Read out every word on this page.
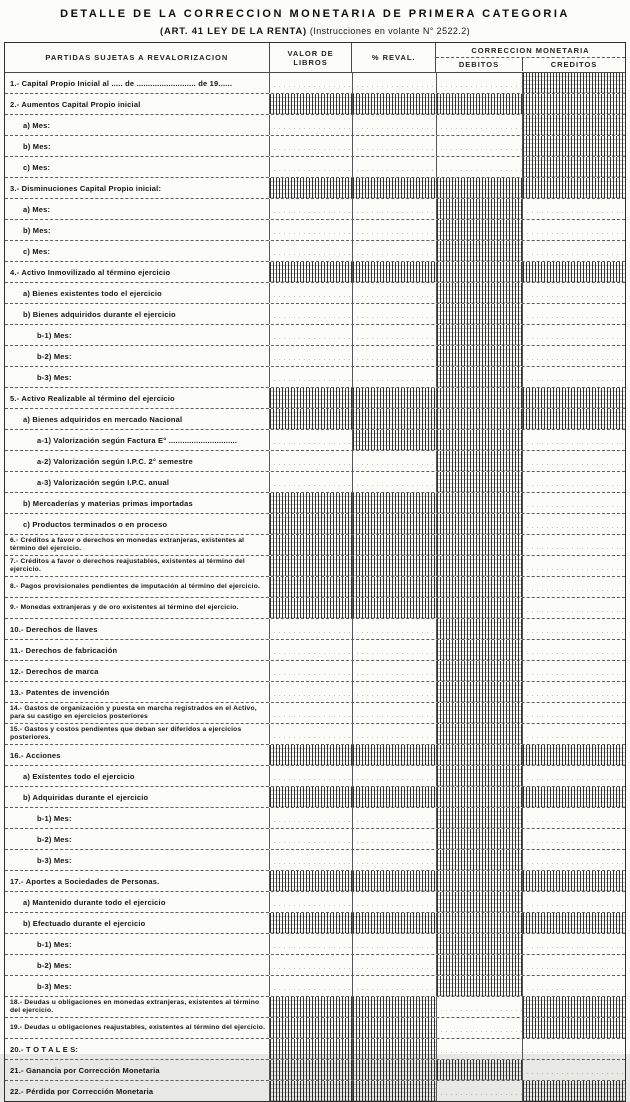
DETALLE DE LA CORRECCION MONETARIA DE PRIMERA CATEGORIA
(ART. 41 LEY DE LA RENTA) (Instrucciones en volante N° 2522.2)
PARTIDAS SUJETAS A REVALORIZACION	VALOR DE LIBROS	% REVAL.
CORRECCION MONETARIA
DEBITOS	CREDITOS
1.- Capital Propio Inicial al ..... de .......................... de 19......
2.- Aumentos Capital Propio inicial
a) Mes:
b) Mes:
c) Mes:
3.- Disminuciones Capital Propio inicial:
a) Mes:
b) Mes:
c) Mes:
4.- Activo Inmovilizado al término ejercicio
a) Bienes existentes todo el ejercicio
b) Bienes adquiridos durante el ejercicio
b-1) Mes:
b-2) Mes:
b-3) Mes:
5.- Activo Realizable al término del ejercicio
a) Bienes adquiridos en mercado Nacional
a-1) Valorización según Factura E° ..............................
a-2) Valorización según I.P.C. 2° semestre
a-3) Valorización según I.P.C. anual
b) Mercaderías y materias primas importadas
c) Productos terminados o en proceso
6.- Créditos a favor o derechos en monedas extranjeras, existentes al término del ejercicio.
7.- Créditos a favor o derechos reajustables, existentes al término del ejercicio.
8.- Pagos provisionales pendientes de imputación al término del ejercicio.
9.- Monedas extranjeras y de oro existentes al término del ejercicio.
10.- Derechos de llaves
11.- Derechos de fabricación
12.- Derechos de marca
13.- Patentes de invención
14.- Gastos de organización y puesta en marcha registrados en el Activo, para su castigo en ejercicios posteriores
15.- Gastos y costos pendientes que deban ser diferidos a ejercicios posteriores.
16.- Acciones
a) Existentes todo el ejercicio
b) Adquiridas durante el ejercicio
b-1) Mes:
b-2) Mes:
b-3) Mes:
17.- Aportes a Sociedades de Personas.
a) Mantenido durante todo el ejercicio
b) Efectuado durante el ejercicio
b-1) Mes:
b-2) Mes:
b-3) Mes:
18.- Deudas u obligaciones en monedas extranjeras, existentes al término del ejercicio.
19.- Deudas u obligaciones reajustables, existentes al término del ejercicio.
20.- T O T A L E S:
21.- Ganancia por Corrección Monetaria
22.- Pérdida por Corrección Monetaria
